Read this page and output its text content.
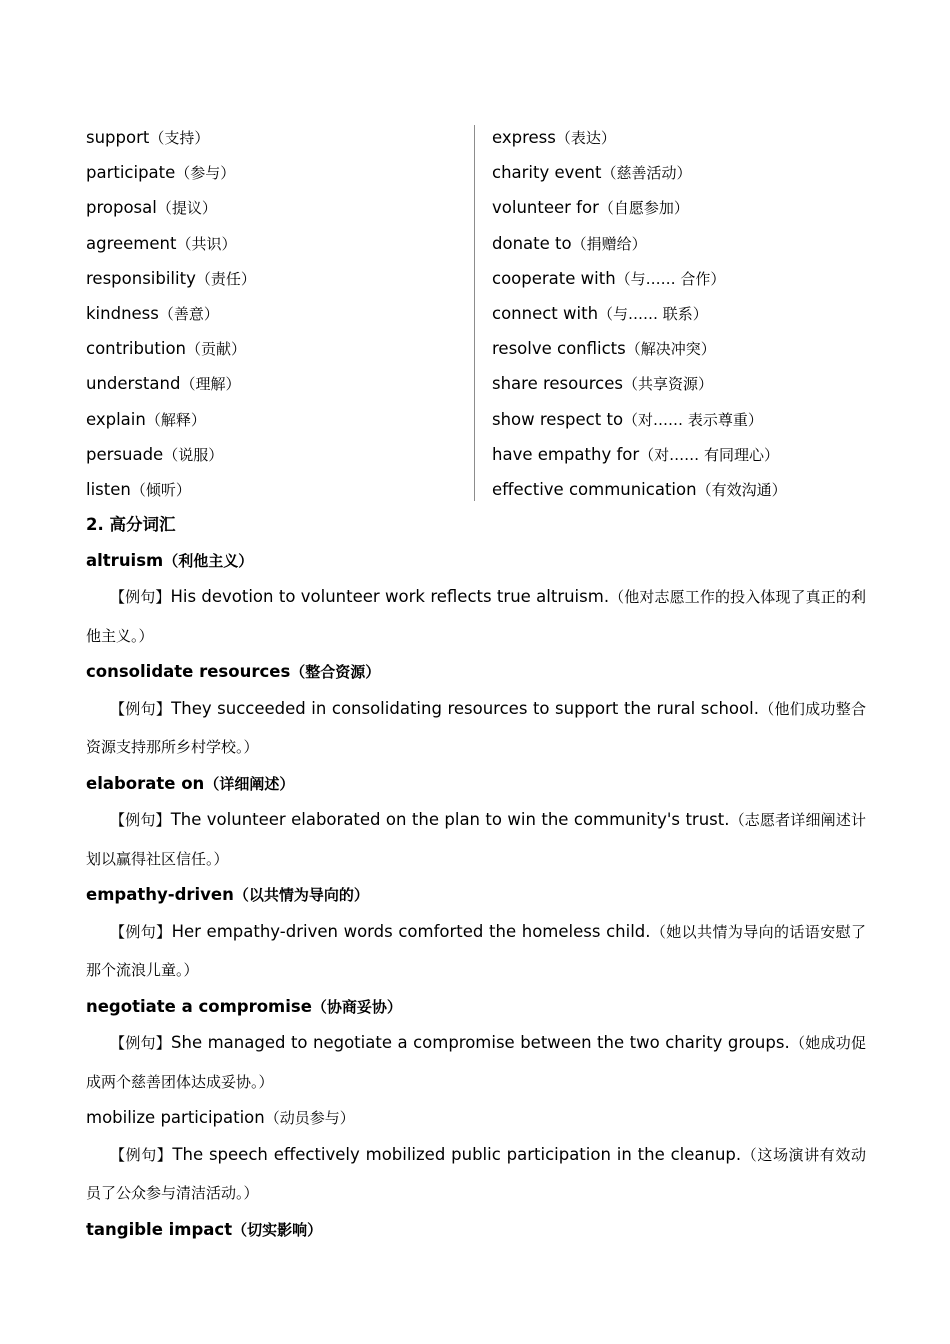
support（支持）
participate（参与）
proposal（提议）
agreement（共识）
responsibility（责任）
kindness（善意）
contribution（贡献）
understand（理解）
explain（解释）
persuade（说服）
listen（倾听）
express（表达）
charity event（慈善活动）
volunteer for（自愿参加）
donate to（捐赠给）
cooperate with（与…… 合作）
connect with（与…… 联系）
resolve conflicts（解决冲突）
share resources（共享资源）
show respect to（对…… 表示尊重）
have empathy for（对…… 有同理心）
effective communication（有效沟通）
2. 高分词汇
altruism（利他主义）
【例句】His devotion to volunteer work reflects true altruism.（他对志愿工作的投入体现了真正的利他主义。）
consolidate resources（整合资源）
【例句】They succeeded in consolidating resources to support the rural school.（他们成功整合资源支持那所乡村学校。）
elaborate on（详细阐述）
【例句】The volunteer elaborated on the plan to win the community's trust.（志愿者详细阐述计划以赢得社区信任。）
empathy-driven（以共情为导向的）
【例句】Her empathy-driven words comforted the homeless child.（她以共情为导向的话语安慰了那个流浪儿童。）
negotiate a compromise（协商妥协）
【例句】She managed to negotiate a compromise between the two charity groups.（她成功促成两个慈善团体达成妥协。）
mobilize participation（动员参与）
【例句】The speech effectively mobilized public participation in the cleanup.（这场演讲有效动员了公众参与清洁活动。）
tangible impact（切实影响）
